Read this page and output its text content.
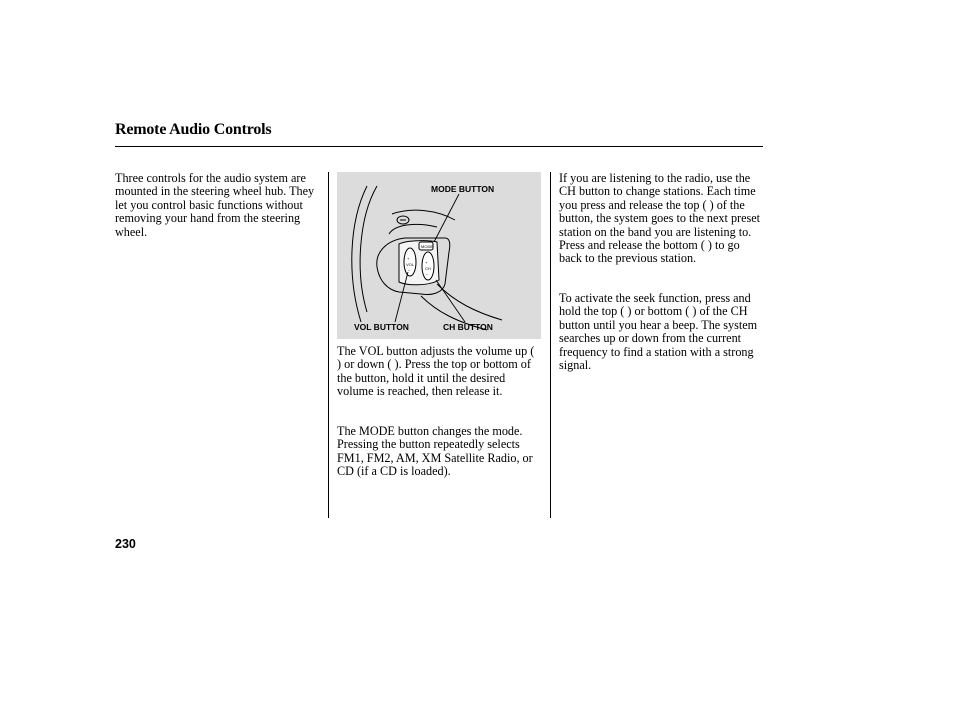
Remote Audio Controls

Three controls for the audio system are mounted in the steering wheel hub. They let you control basic functions without removing your hand from the steering wheel.

MODE
+
VOL
−
+
CH
−

MODE BUTTON

VOL BUTTON	CH BUTTON

The VOL button adjusts the volume up ( ) or down ( ). Press the top or bottom of the button, hold it until the desired volume is reached, then release it.

The MODE button changes the mode. Pressing the button repeatedly selects FM1, FM2, AM, XM Satellite Radio, or CD (if a CD is loaded).

If you are listening to the radio, use the CH button to change stations. Each time you press and release the top ( ) of the button, the system goes to the next preset station on the band you are listening to. Press and release the bottom ( ) to go back to the previous station.

To activate the seek function, press and hold the top ( ) or bottom ( ) of the CH button until you hear a beep. The system searches up or down from the current frequency to find a station with a strong signal.

230
